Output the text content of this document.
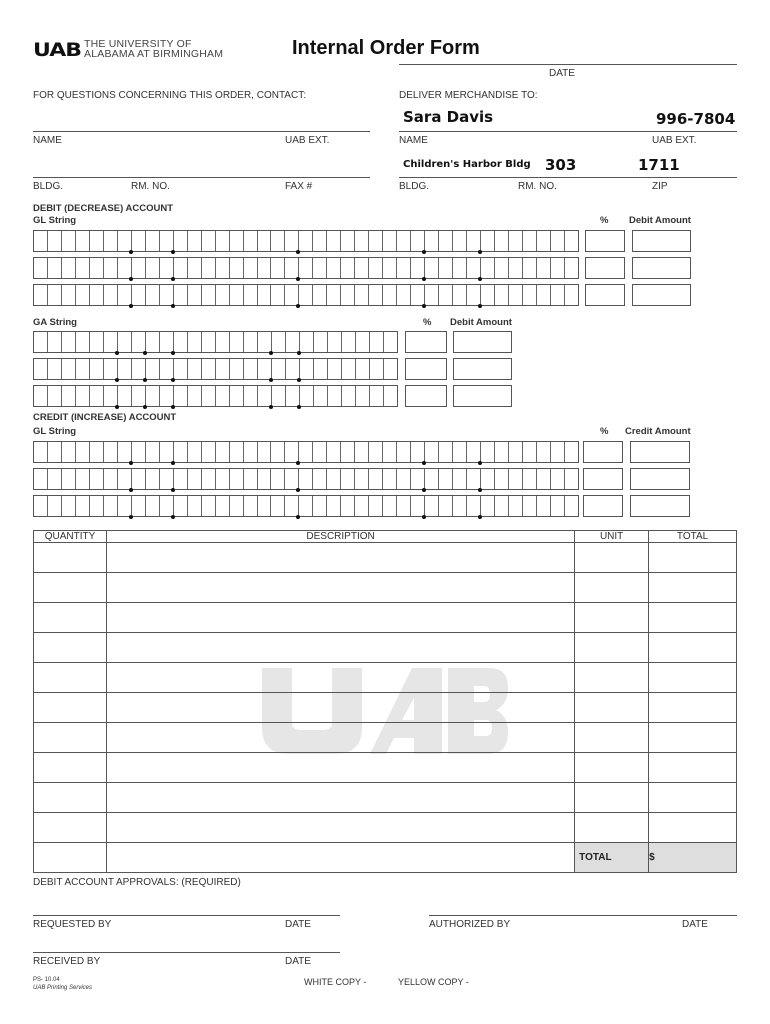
UAB THE UNIVERSITY OF
ALABAMA AT BIRMINGHAM	Internal Order Form
DATE
FOR QUESTIONS CONCERNING THIS ORDER, CONTACT:
NAME	UAB EXT.
BLDG.	RM. NO.	FAX #
DELIVER MERCHANDISE TO:
Sara Davis	996-7804
NAME	UAB EXT.
Children's Harbor Bldg 303	1711
BLDG.	RM. NO.	ZIP
DEBIT (DECREASE) ACCOUNT
GL String	% Debit Amount
GA String	% Debit Amount
CREDIT (INCREASE) ACCOUNT
GL String	% Credit Amount
QUANTITY	DESCRIPTION	UNIT	TOTAL

		TOTAL	$
DEBIT ACCOUNT APPROVALS: (REQUIRED)
REQUESTED BY	DATE	AUTHORIZED BY	DATE
RECEIVED BY	DATE
PS- 10.04
UAB Printing Services
WHITE COPY -	YELLOW COPY -
